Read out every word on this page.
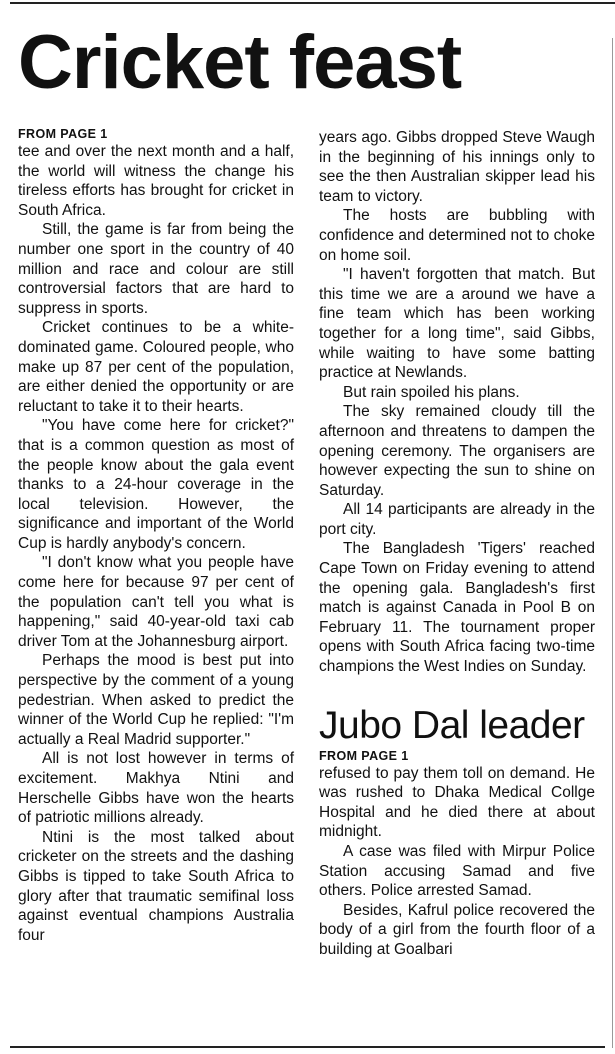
Cricket feast

FROM PAGE 1

tee and over the next month and a half, the world will witness the change his tireless efforts has brought for cricket in South Africa.

Still, the game is far from being the number one sport in the country of 40 million and race and colour are still controversial factors that are hard to suppress in sports.

Cricket continues to be a white-dominated game. Coloured people, who make up 87 per cent of the population, are either denied the opportunity or are reluctant to take it to their hearts.

"You have come here for cricket?" that is a common question as most of the people know about the gala event thanks to a 24-hour coverage in the local television. However, the significance and important of the World Cup is hardly anybody's concern.

"I don't know what you people have come here for because 97 per cent of the population can't tell you what is happening," said 40-year-old taxi cab driver Tom at the Johannesburg airport.

Perhaps the mood is best put into perspective by the comment of a young pedestrian. When asked to predict the winner of the World Cup he replied: "I'm actually a Real Madrid supporter."

All is not lost however in terms of excitement. Makhya Ntini and Herschelle Gibbs have won the hearts of patriotic millions already.

Ntini is the most talked about cricketer on the streets and the dashing Gibbs is tipped to take South Africa to glory after that traumatic semifinal loss against eventual champions Australia four

years ago. Gibbs dropped Steve Waugh in the beginning of his innings only to see the then Australian skipper lead his team to victory.

The hosts are bubbling with confidence and determined not to choke on home soil.

"I haven't forgotten that match. But this time we are a around we have a fine team which has been working together for a long time", said Gibbs, while waiting to have some batting practice at Newlands.

But rain spoiled his plans.

The sky remained cloudy till the afternoon and threatens to dampen the opening ceremony. The organisers are however expecting the sun to shine on Saturday.

All 14 participants are already in the port city.

The Bangladesh 'Tigers' reached Cape Town on Friday evening to attend the opening gala. Bangladesh's first match is against Canada in Pool B on February 11. The tournament proper opens with South Africa facing two-time champions the West Indies on Sunday.

Jubo Dal leader

FROM PAGE 1

refused to pay them toll on demand. He was rushed to Dhaka Medical Collge Hospital and he died there at about midnight.

A case was filed with Mirpur Police Station accusing Samad and five others. Police arrested Samad.

Besides, Kafrul police recovered the body of a girl from the fourth floor of a building at Goalbari
